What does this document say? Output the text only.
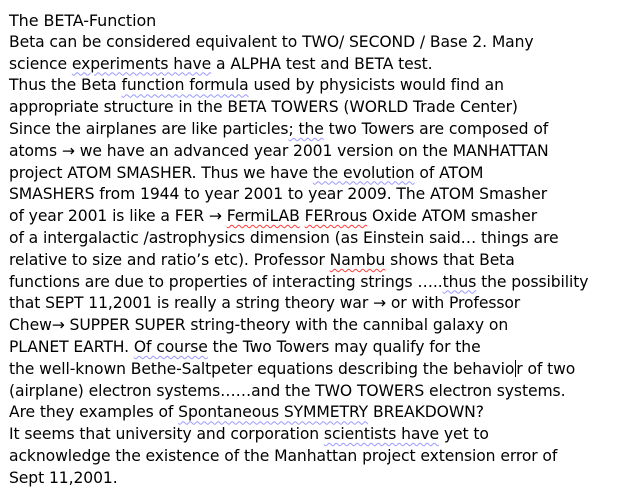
The BETA-Function
Beta can be considered equivalent to TWO/ SECOND / Base 2. Many
science experiments have a ALPHA test and BETA test.
Thus the Beta function formula used by physicists would find an
appropriate structure in the BETA TOWERS (WORLD Trade Center)
Since the airplanes are like particles; the two Towers are composed of
atoms → we have an advanced year 2001 version on the MANHATTAN
project ATOM SMASHER. Thus we have the evolution of ATOM
SMASHERS from 1944 to year 2001 to year 2009. The ATOM Smasher
of year 2001 is like a FER → FermiLAB FERrous Oxide ATOM smasher
of a intergalactic /astrophysics dimension (as Einstein said… things are
relative to size and ratio’s etc). Professor Nambu shows that Beta
functions are due to properties of interacting strings …..thus the possibility
that SEPT 11,2001 is really a string theory war → or with Professor
Chew→ SUPPER SUPER string-theory with the cannibal galaxy on
PLANET EARTH. Of course the Two Towers may qualify for the
the well-known Bethe-Saltpeter equations describing the behavio r of two
(airplane) electron systems……and the TWO TOWERS electron systems.
Are they examples of Spontaneous SYMMETRY BREAKDOWN?
It seems that university and corporation scientists have yet to
acknowledge the existence of the Manhattan project extension error of
Sept 11,2001.
